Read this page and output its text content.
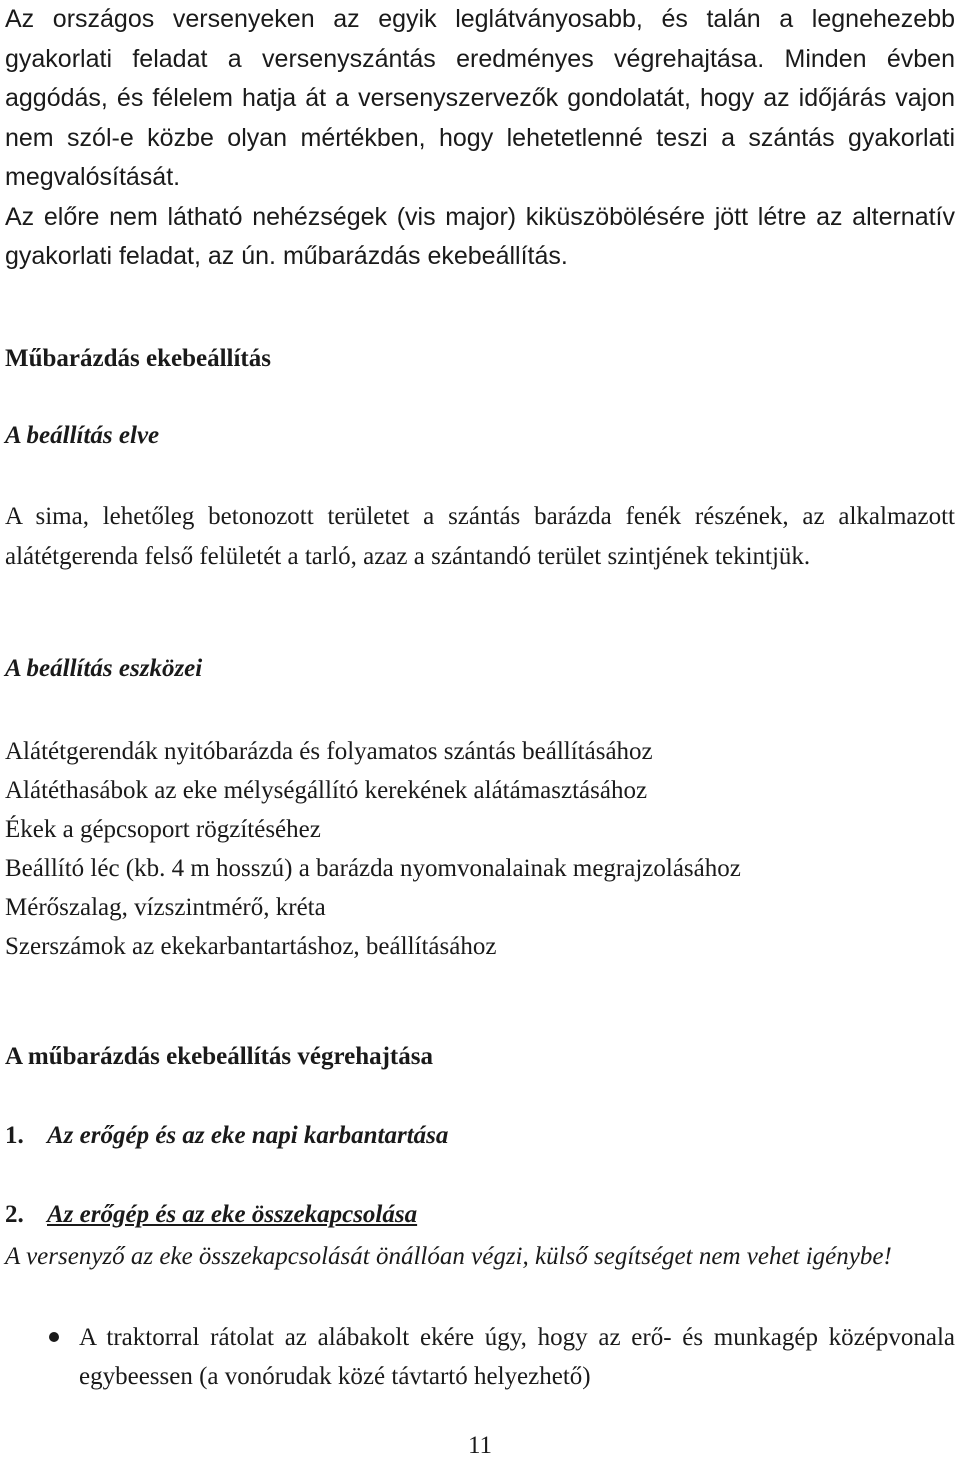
Az országos versenyeken az egyik leglátványosabb, és talán a legnehezebb gyakorlati feladat a versenyszántás eredményes végrehajtása. Minden évben aggódás, és félelem hatja át a versenyszervezők gondolatát, hogy az időjárás vajon nem szól-e közbe olyan mértékben, hogy lehetetlenné teszi a szántás gyakorlati megvalósítását.

Az előre nem látható nehézségek (vis major) kiküszöbölésére jött létre az alternatív gyakorlati feladat, az ún. műbarázdás ekebeállítás.

Műbarázdás ekebeállítás
A beállítás elve

A sima, lehetőleg betonozott területet a szántás barázda fenék részének, az alkalmazott alátétgerenda felső felületét a tarló, azaz a szántandó terület szintjének tekintjük.

A beállítás eszközei
Alátétgerendák nyitóbarázda és folyamatos szántás beállításához
Alátéthasábok az eke mélységállító kerekének alátámasztásához
Ékek a gépcsoport rögzítéséhez
Beállító léc (kb. 4 m hosszú) a barázda nyomvonalainak megrajzolásához
Mérőszalag, vízszintmérő, kréta
Szerszámok az ekekarbantartáshoz, beállításához
A műbarázdás ekebeállítás végrehajtása
1. Az erőgép és az eke napi karbantartása
2. Az erőgép és az eke összekapcsolása

A versenyző az eke összekapcsolását önállóan végzi, külső segítséget nem vehet igénybe!

A traktorral rátolat az alábakolt ekére úgy, hogy az erő- és munkagép középvonala egybeessen (a vonórudak közé távtartó helyezhető)
11
